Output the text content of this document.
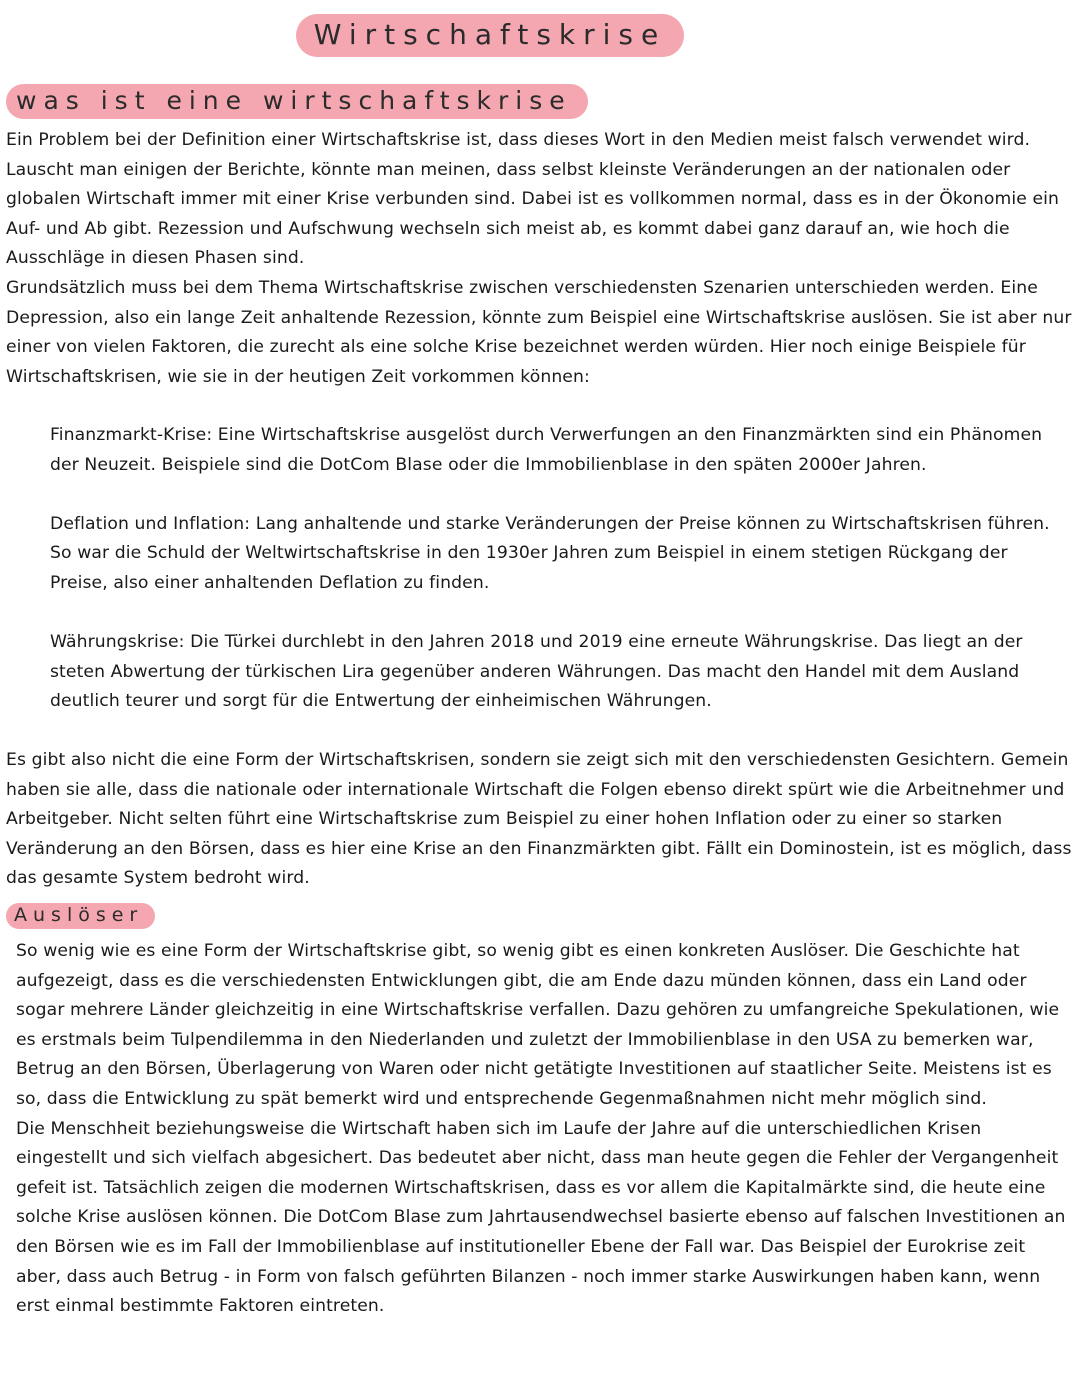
Wirtschaftskrise
was ist eine wirtschaftskrise

Ein Problem bei der Definition einer Wirtschaftskrise ist, dass dieses Wort in den Medien meist falsch verwendet wird. Lauscht man einigen der Berichte, könnte man meinen, dass selbst kleinste Veränderungen an der nationalen oder globalen Wirtschaft immer mit einer Krise verbunden sind. Dabei ist es vollkommen normal, dass es in der Ökonomie ein Auf- und Ab gibt. Rezession und Aufschwung wechseln sich meist ab, es kommt dabei ganz darauf an, wie hoch die Ausschläge in diesen Phasen sind.

Grundsätzlich muss bei dem Thema Wirtschaftskrise zwischen verschiedensten Szenarien unterschieden werden. Eine Depression, also ein lange Zeit anhaltende Rezession, könnte zum Beispiel eine Wirtschaftskrise auslösen. Sie ist aber nur einer von vielen Faktoren, die zurecht als eine solche Krise bezeichnet werden würden. Hier noch einige Beispiele für Wirtschaftskrisen, wie sie in der heutigen Zeit vorkommen können:

Finanzmarkt-Krise: Eine Wirtschaftskrise ausgelöst durch Verwerfungen an den Finanzmärkten sind ein Phänomen der Neuzeit. Beispiele sind die DotCom Blase oder die Immobilienblase in den späten 2000er Jahren.

Deflation und Inflation: Lang anhaltende und starke Veränderungen der Preise können zu Wirtschaftskrisen führen. So war die Schuld der Weltwirtschaftskrise in den 1930er Jahren zum Beispiel in einem stetigen Rückgang der Preise, also einer anhaltenden Deflation zu finden.

Währungskrise: Die Türkei durchlebt in den Jahren 2018 und 2019 eine erneute Währungskrise. Das liegt an der steten Abwertung der türkischen Lira gegenüber anderen Währungen. Das macht den Handel mit dem Ausland deutlich teurer und sorgt für die Entwertung der einheimischen Währungen.

Es gibt also nicht die eine Form der Wirtschaftskrisen, sondern sie zeigt sich mit den verschiedensten Gesichtern. Gemein haben sie alle, dass die nationale oder internationale Wirtschaft die Folgen ebenso direkt spürt wie die Arbeitnehmer und Arbeitgeber. Nicht selten führt eine Wirtschaftskrise zum Beispiel zu einer hohen Inflation oder zu einer so starken Veränderung an den Börsen, dass es hier eine Krise an den Finanzmärkten gibt. Fällt ein Dominostein, ist es möglich, dass das gesamte System bedroht wird.

Auslöser

So wenig wie es eine Form der Wirtschaftskrise gibt, so wenig gibt es einen konkreten Auslöser. Die Geschichte hat aufgezeigt, dass es die verschiedensten Entwicklungen gibt, die am Ende dazu münden können, dass ein Land oder sogar mehrere Länder gleichzeitig in eine Wirtschaftskrise verfallen. Dazu gehören zu umfangreiche Spekulationen, wie es erstmals beim Tulpendilemma in den Niederlanden und zuletzt der Immobilienblase in den USA zu bemerken war, Betrug an den Börsen, Überlagerung von Waren oder nicht getätigte Investitionen auf staatlicher Seite. Meistens ist es so, dass die Entwicklung zu spät bemerkt wird und entsprechende Gegenmaßnahmen nicht mehr möglich sind.

Die Menschheit beziehungsweise die Wirtschaft haben sich im Laufe der Jahre auf die unterschiedlichen Krisen eingestellt und sich vielfach abgesichert. Das bedeutet aber nicht, dass man heute gegen die Fehler der Vergangenheit gefeit ist. Tatsächlich zeigen die modernen Wirtschaftskrisen, dass es vor allem die Kapitalmärkte sind, die heute eine solche Krise auslösen können. Die DotCom Blase zum Jahrtausendwechsel basierte ebenso auf falschen Investitionen an den Börsen wie es im Fall der Immobilienblase auf institutioneller Ebene der Fall war. Das Beispiel der Eurokrise zeit aber, dass auch Betrug - in Form von falsch geführten Bilanzen - noch immer starke Auswirkungen haben kann, wenn erst einmal bestimmte Faktoren eintreten.
